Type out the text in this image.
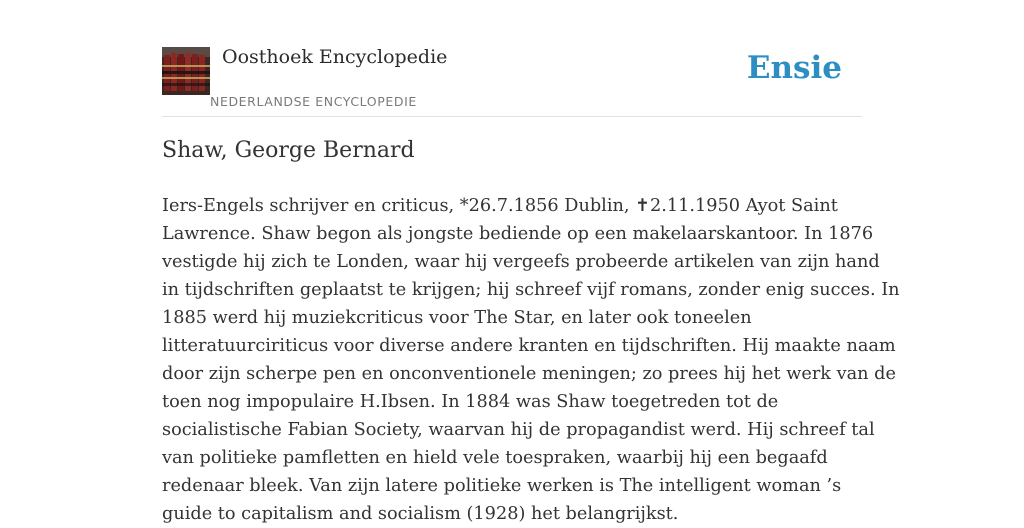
Oosthoek Encyclopedie
NEDERLANDSE ENCYCLOPEDIE
Ensie
Shaw, George Bernard
Iers-Engels schrijver en criticus, *26.7.1856 Dublin, ✝2.11.1950 Ayot Saint
Lawrence. Shaw begon als jongste bediende op een makelaarskantoor. In 1876
vestigde hij zich te Londen, waar hij vergeefs probeerde artikelen van zijn hand
in tijdschriften geplaatst te krijgen; hij schreef vijf romans, zonder enig succes. In
1885 werd hij muziekcriticus voor The Star, en later ook toneelen
litteratuurciriticus voor diverse andere kranten en tijdschriften. Hij maakte naam
door zijn scherpe pen en onconventionele meningen; zo prees hij het werk van de
toen nog impopulaire H.Ibsen. In 1884 was Shaw toegetreden tot de
socialistische Fabian Society, waarvan hij de propagandist werd. Hij schreef tal
van politieke pamfletten en hield vele toespraken, waarbij hij een begaafd
redenaar bleek. Van zijn latere politieke werken is The intelligent woman ’s
guide to capitalism and socialism (1928) het belangrijkst.
